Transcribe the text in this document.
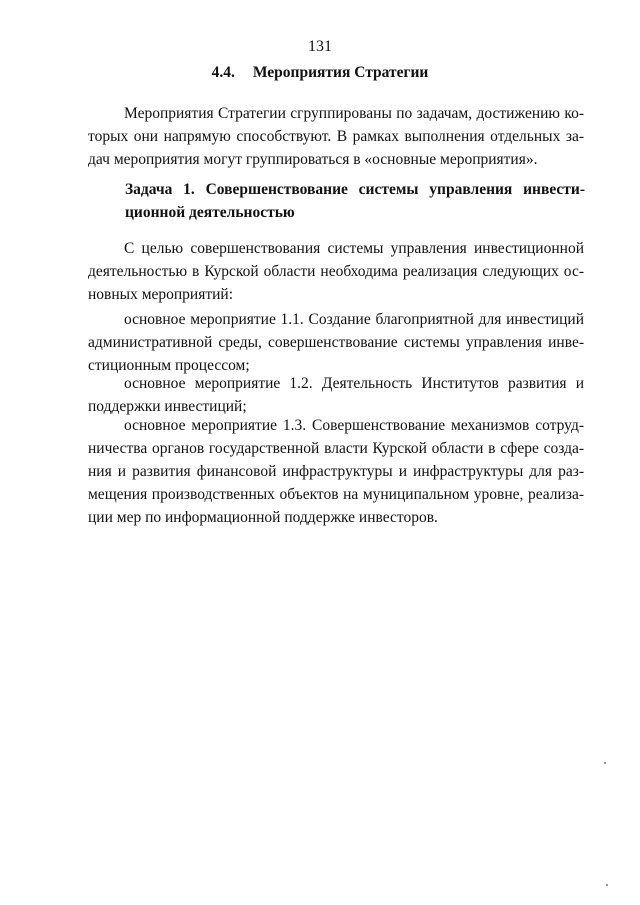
131
4.4. Мероприятия Стратегии
Мероприятия Стратегии сгруппированы по задачам, достижению ко-
торых они напрямую способствуют. В рамках выполнения отдельных за-
дач мероприятия могут группироваться в «основные мероприятия».
Задача 1. Совершенствование системы управления инвести-
ционной деятельностью
С целью совершенствования системы управления инвестиционной
деятельностью в Курской области необходима реализация следующих ос-
новных мероприятий:
основное мероприятие 1.1. Создание благоприятной для инвестиций
административной среды, совершенствование системы управления инве-
стиционным процессом;
основное мероприятие 1.2. Деятельность Институтов развития и
поддержки инвестиций;
основное мероприятие 1.3. Совершенствование механизмов сотруд-
ничества органов государственной власти Курской области в сфере созда-
ния и развития финансовой инфраструктуры и инфраструктуры для раз-
мещения производственных объектов на муниципальном уровне, реализа-
ции мер по информационной поддержке инвесторов.
